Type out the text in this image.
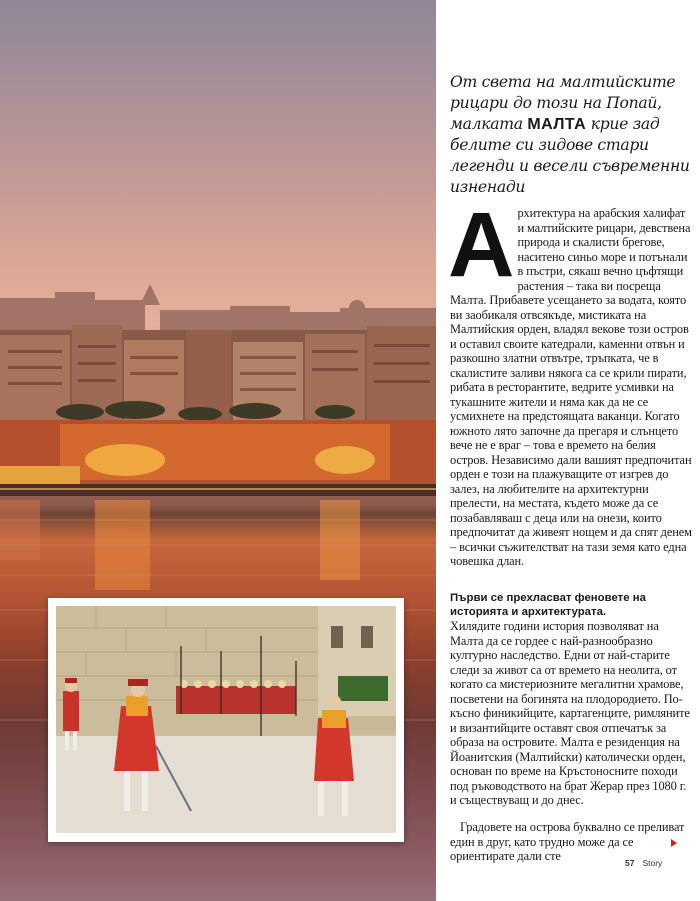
От света на малтийските рицари до този на Попай, малката МАЛТА крие зад белите си зидове стари легенди и весели съвременни изненади
Архитектура на арабския халифат и малтийските рицари, девствена природа и скалисти брегове, наситено синьо море и потънали в пъстри, сякаш вечно цъфтящи растения – така ви посреща Малта. Прибавете усещането за водата, която ви заобикаля отвсякъде, мистиката на Малтийския орден, владял векове този остров и оставил своите катедрали, каменни отвън и разкошно златни отвътре, тръпката, че в скалистите заливи някога са се крили пирати, рибата в ресторантите, ведрите усмивки на тукашните жители и няма как да не се усмихнете на предстоящата ваканци. Когато южното лято започне да прегаря и слънцето вече не е враг – това е времето на белия остров. Независимо дали вашият предпочитан орден е този на плажуващите от изгрев до залез, на любителите на архитектурни прелести, на местата, където може да се позабавляваш с деца или на онези, които предпочитат да живеят нощем и да спят денем – всички съжителстват на тази земя като една човешка длан.
Първи се прехласват феновете на историята и архитектурата.
Хилядите години история позволяват на Малта да се гордее с най-разнообразно културно наследство. Едни от най-старите следи за живот са от времето на неолита, от когато са мистериозните мегалитни храмове, посветени на богинята на плодородието. По-късно финикийците, картагенците, римляните и византийците оставят своя отпечатък за образа на островите. Малта е резиденция на Йоанитския (Малтийски) католически орден, основан по време на Кръстоносните походи под ръководството на брат Жерар през 1080 г. и съществуващ и до днес.
Градовете на острова буквално се преливат един в друг, като трудно може да се ориентирате дали сте	57 Story
